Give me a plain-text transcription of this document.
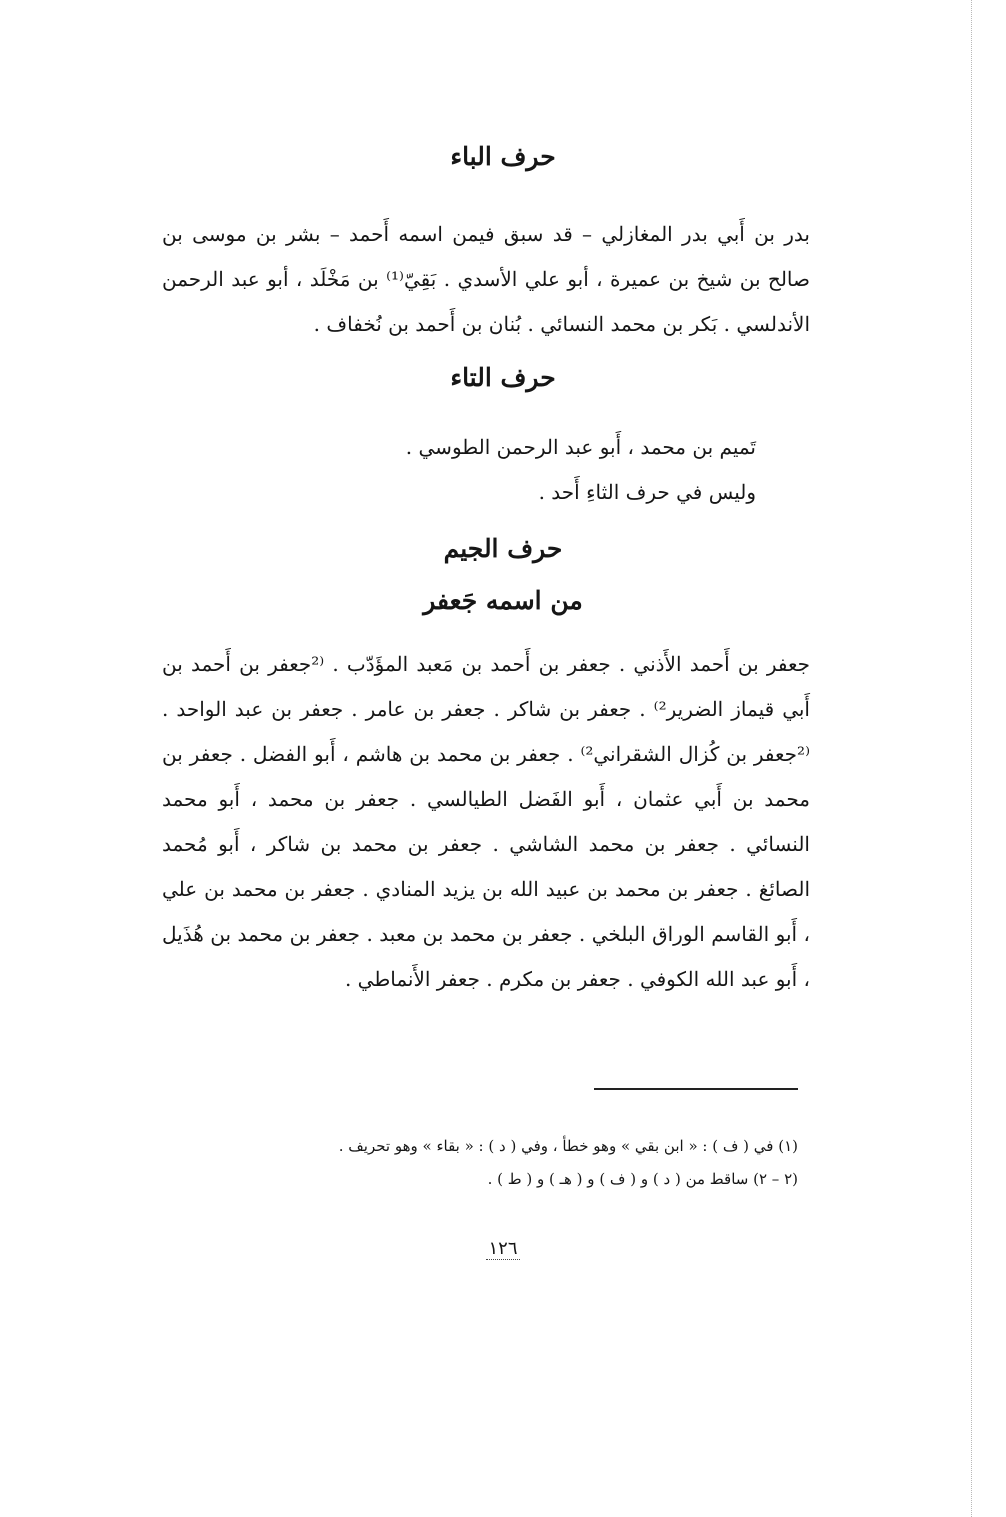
حرف الباء

بدر بن أَبي بدر المغازلي – قد سبق فيمن اسمه أَحمد – بشر بن موسى بن صالح بن شيخ بن عميرة ، أبو علي الأسدي . بَقِيّ⁽¹⁾ بن مَخْلَد ، أبو عبد الرحمن الأندلسي . بَكر بن محمد النسائي . بُنان بن أَحمد بن نُخفاف .

حرف التاء

تَميم بن محمد ، أَبو عبد الرحمن الطوسي .

وليس في حرف الثاءِ أَحد .

حرف الجيم
من اسمه جَعفر

جعفر بن أَحمد الأَذني . جعفر بن أَحمد بن مَعبد المؤَدّب . ⁽²جعفر بن أَحمد بن أَبي قيماز الضرير²⁾ . جعفر بن شاكر . جعفر بن عامر . جعفر بن عبد الواحد . ⁽²جعفر بن كُزال الشقراني²⁾ . جعفر بن محمد بن هاشم ، أَبو الفضل . جعفر بن محمد بن أَبي عثمان ، أَبو الفَضل الطيالسي . جعفر بن محمد ، أَبو محمد النسائي . جعفر بن محمد الشاشي . جعفر بن محمد بن شاكر ، أَبو مُحمد الصائغ . جعفر بن محمد بن عبيد الله بن يزيد المنادي . جعفر بن محمد بن علي ، أَبو القاسم الوراق البلخي . جعفر بن محمد بن معبد . جعفر بن محمد بن هُذَيل ، أَبو عبد الله الكوفي . جعفر بن مكرم . جعفر الأَنماطي .

(١) في ( ف ) : « ابن بقي » وهو خطأ ، وفي ( د ) : « بقاء » وهو تحريف .

(٢ – ٢) ساقط من ( د ) و ( ف ) و ( هـ ) و ( ط ) .

١٢٦
